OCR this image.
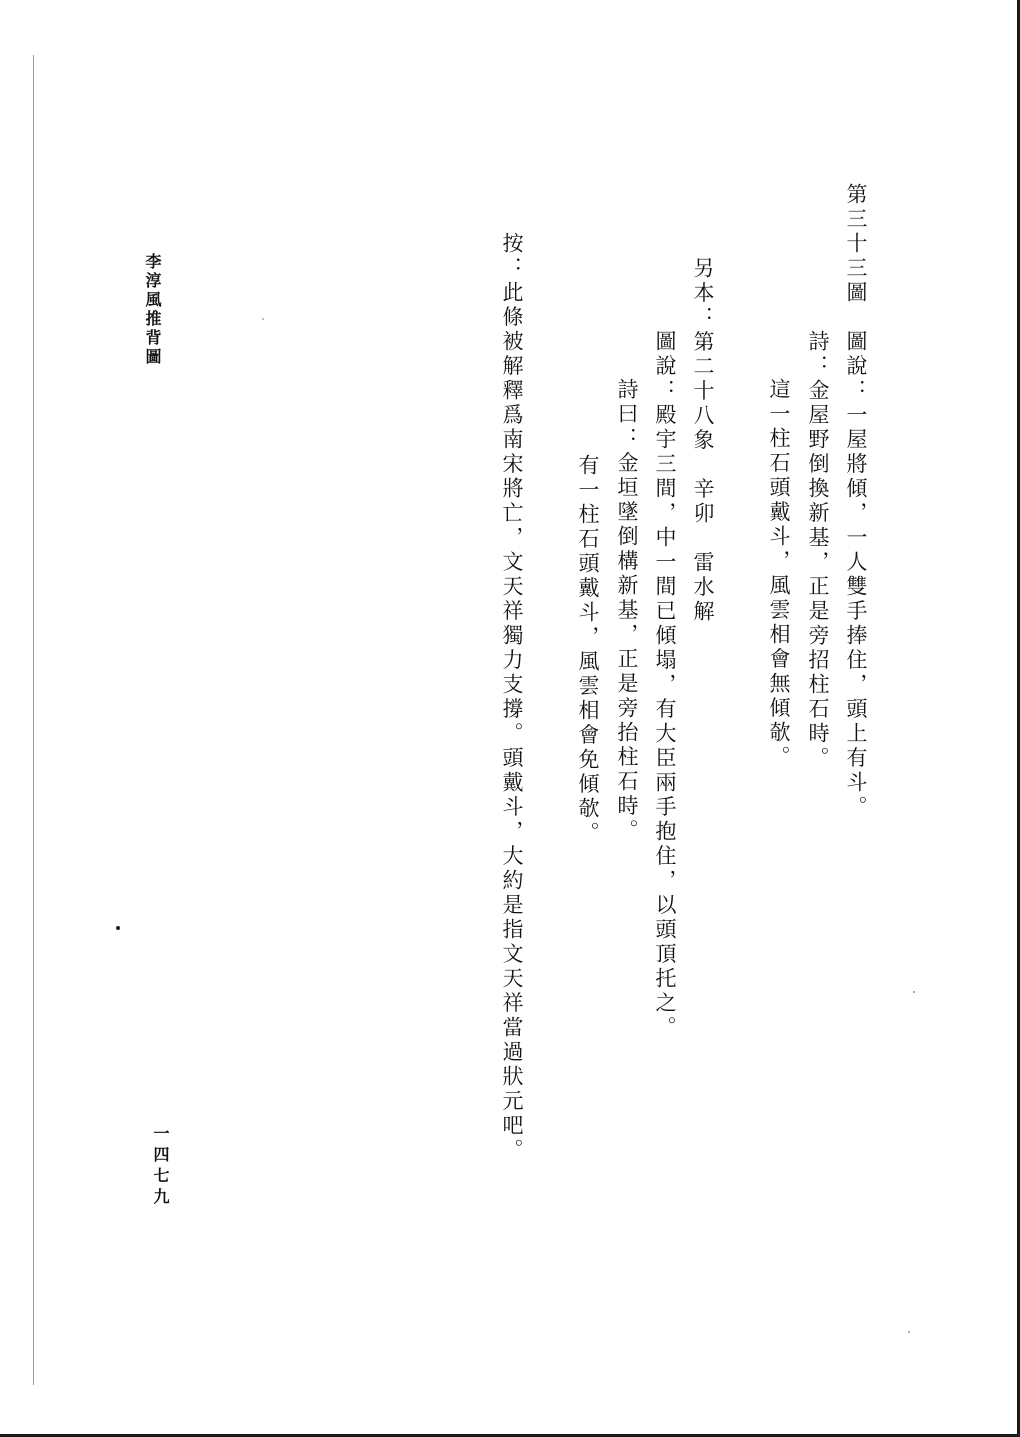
李淳風推背圖
一四七九
第三十三圖　圖說：一屋將傾，一人雙手捧住，頭上有斗。
詩：金屋野倒換新基，正是旁招柱石時。
這一柱石頭戴斗，風雲相會無傾欹。
另本：第二十八象　辛卯　雷水解
圖說：殿宇三間，中一間已傾塌，有大臣兩手抱住，以頭頂托之。
詩曰：金垣墜倒構新基，正是旁抬柱石時。
有一柱石頭戴斗，風雲相會免傾欹。
按：此條被解釋爲南宋將亡，文天祥獨力支撐。頭戴斗，大約是指文天祥當過狀元吧。
